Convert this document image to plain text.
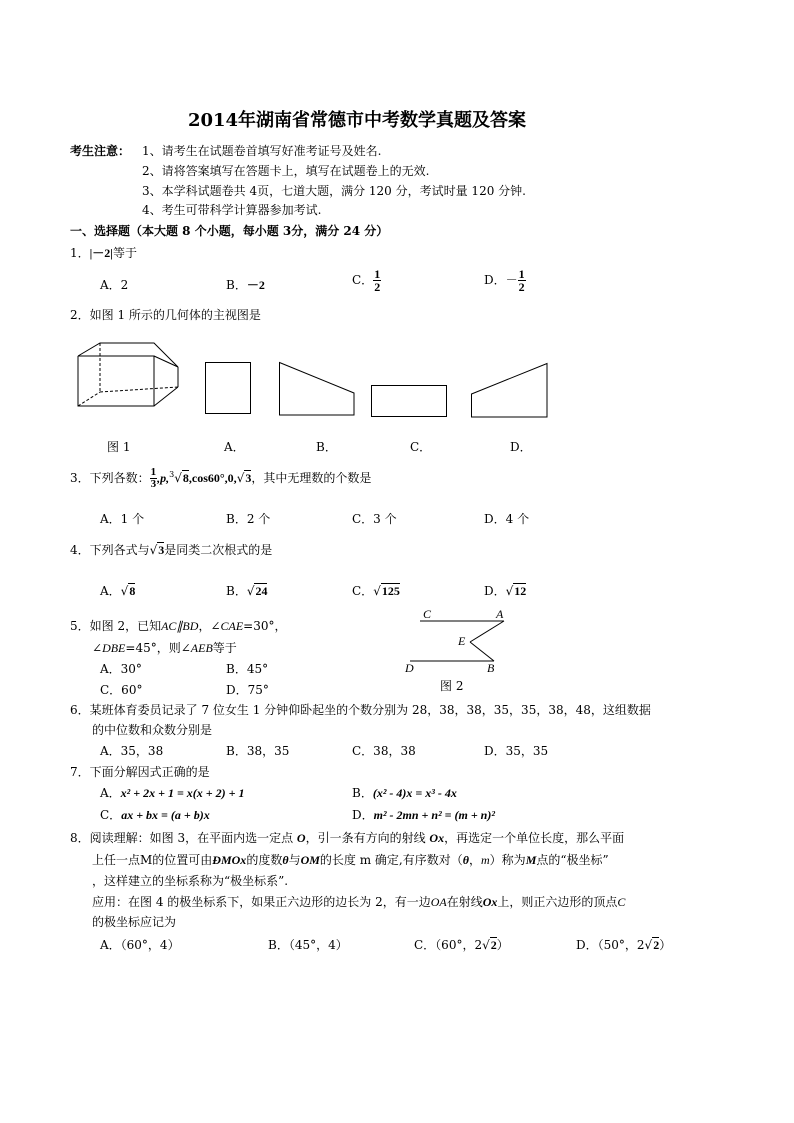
2014年湖南省常德市中考数学真题及答案
考生注意： 1、请考生在试题卷首填写好准考证号及姓名.
2、请将答案填写在答题卡上，填写在试题卷上的无效.
3、本学科试题卷共 4页，七道大题，满分 120 分，考试时量 120 分钟.
4、考生可带科学计算器参加考试.
一、选择题（本大题 8 个小题，每小题 3分，满分 24 分）
1．|－2|等于
A．2	B．－2	C． $\frac{1}{2}$	D．－ $\frac{1}{2}$
2．如图 1 所示的几何体的主视图是
图 1	A．	B．	C．	D．
3．下列各数： $\frac{1}{3} ,p,^3√8,\cos 60^\circ,0,√3$，其中无理数的个数是
A．1 个	B．2 个	C．3 个	D．4 个
4．下列各式与√3是同类二次根式的是
A．√8	B．√24	C．√125	D．√12
5．如图 2，已知AC∥BD，∠CAE=30°，
∠DBE=45°，则∠AEB等于
A．30°	B．45°
C．60°	D．75°
C	A
E
D	B
图 2
6．某班体育委员记录了 7 位女生 1 分钟仰卧起坐的个数分别为 28，38，38，35，35，38，48，这组数据
的中位数和众数分别是
A．35，38	B．38，35	C．38，38	D．35，35
7．下面分解因式正确的是
A．x² + 2x + 1 = x(x + 2) + 1	B．(x² - 4)x = x³ - 4x
C．ax + bx = (a + b)x	D．m² - 2mn + n² = (m + n)²
8．阅读理解：如图 3，在平面内选一定点 O，引一条有方向的射线 Ox，再选定一个单位长度，那么平面
上任一点M的位置可由ÐMOx的度数θ与OM的长度 m 确定,有序数对（θ，m）称为M点的“极坐标”
，这样建立的坐标系称为“极坐标系”.
应用：在图 4 的极坐标系下，如果正六边形的边长为 2，有一边OA在射线Ox上，则正六边形的顶点C
的极坐标应记为
A．（60°，4）	B．（45°，4）	C．（60°，2√2）	D．（50°，2√2）
